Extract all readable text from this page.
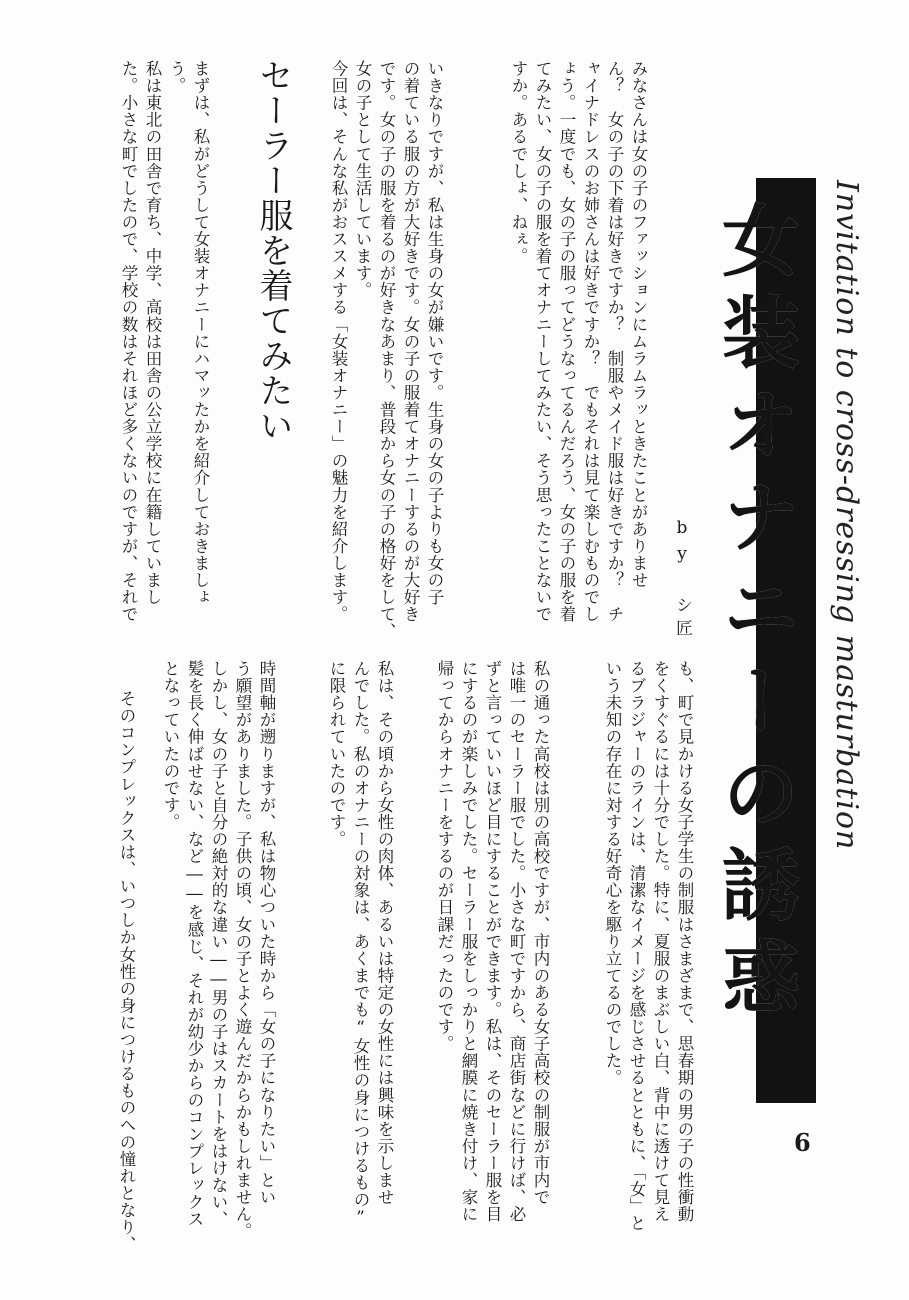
女装オナニーの誘惑 Invitation to cross-dressing masturbation
by シ匠
みなさんは女の子のファッションにムラムラッときたことがありませ
ん？　女の子の下着は好きですか？　制服やメイド服は好きですか？　チ
ャイナドレスのお姉さんは好きですか？　でもそれは見て楽しむものでし
ょう。一度でも、女の子の服ってどうなってるんだろう、女の子の服を着
てみたい、女の子の服を着てオナニーしてみたい、そう思ったことないで
すか。あるでしょ、ねぇ。
いきなりですが、私は生身の女が嫌いです。生身の女の子よりも女の子
の着ている服の方が大好きです。女の子の服着てオナニーするのが大好き
です。女の子の服を着るのが好きなあまり、普段から女の子の格好をして、
女の子として生活しています。
今回は、そんな私がおススメする「女装オナニー」の魅力を紹介します。
セーラー服を着てみたい
まずは、私がどうして女装オナニーにハマッたかを紹介しておきましょ
う。
私は東北の田舎で育ち、中学、高校は田舎の公立学校に在籍していまし
た。小さな町でしたので、学校の数はそれほど多くないのですが、それで
も、町で見かける女子学生の制服はさまざまで、思春期の男の子の性衝動
をくすぐるには十分でした。特に、夏服のまぶしい白、背中に透けて見え
るブラジャーのラインは、清潔なイメージを感じさせるとともに、「女」と
いう未知の存在に対する好奇心を駆り立てるのでした。
私の通った高校は別の高校ですが、市内のある女子高校の制服が市内で
は唯一のセーラー服でした。小さな町ですから、商店街などに行けば、必
ずと言っていいほど目にすることができます。私は、そのセーラー服を目
にするのが楽しみでした。セーラー服をしっかりと網膜に焼き付け、家に
帰ってからオナニーをするのが日課だったのです。
私は、その頃から女性の肉体、あるいは特定の女性には興味を示しませ
んでした。私のオナニーの対象は、あくまでも“女性の身につけるもの”
に限られていたのです。
時間軸が遡りますが、私は物心ついた時から「女の子になりたい」とい
う願望がありました。子供の頃、女の子とよく遊んだからかもしれません。
しかし、女の子と自分の絶対的な違い――男の子はスカートをはけない、
髪を長く伸ばせない、など――を感じ、それが幼少からのコンプレックス
となっていたのです。
そのコンプレックスは、いつしか女性の身につけるものへの憧れとなり、	6
